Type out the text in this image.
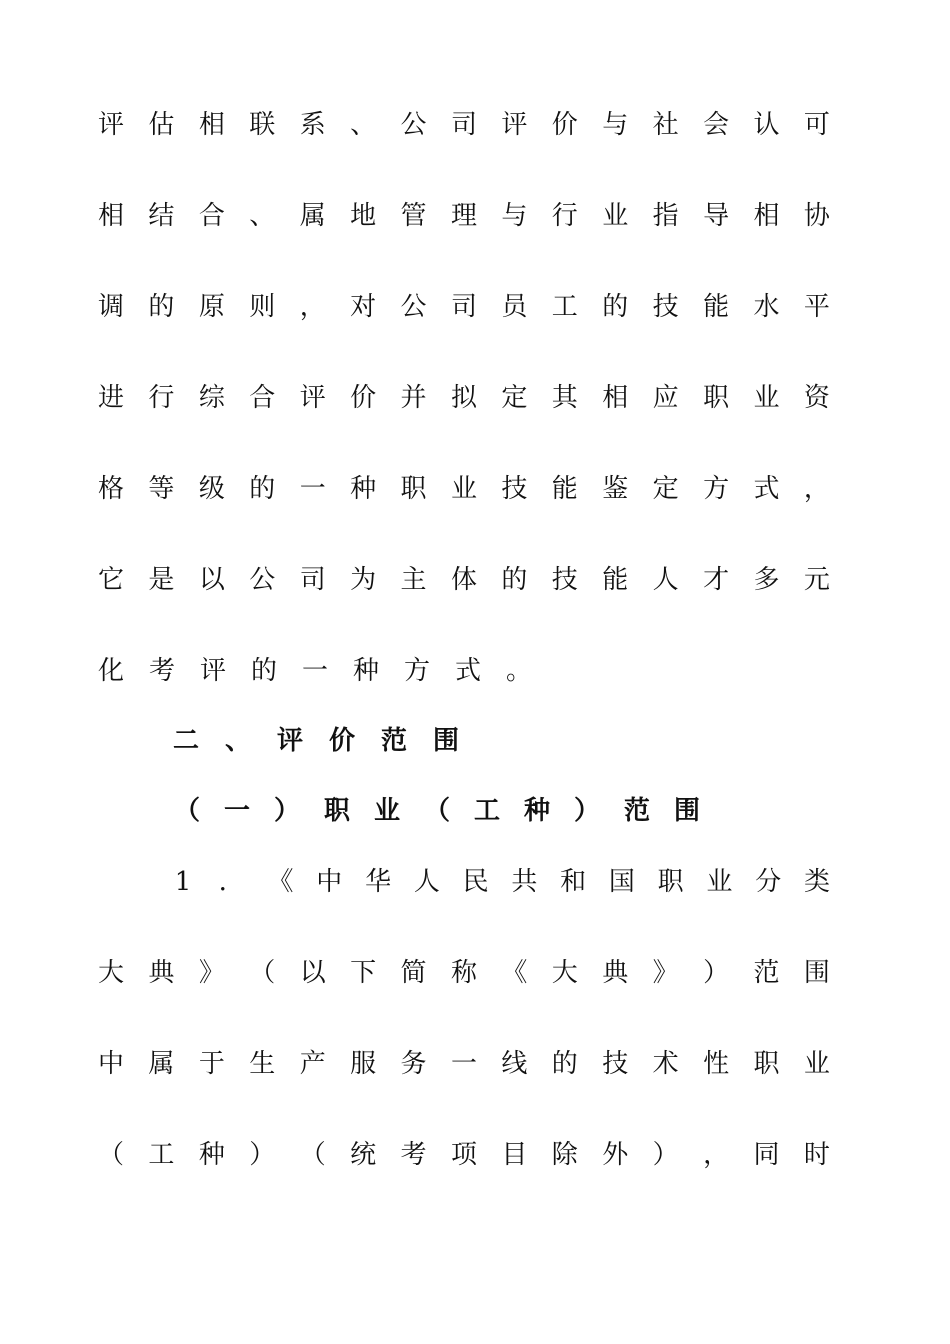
评 估 相 联 系 、 公 司 评 价 与 社 会 认 可
相 结 合 、 属 地 管 理 与 行 业 指 导 相 协
调 的 原 则 ， 对 公 司 员 工 的 技 能 水 平
进 行 综 合 评 价 并 拟 定 其 相 应 职 业 资
格 等 级 的 一 种 职 业 技 能 鉴 定 方 式 ，
它 是 以 公 司 为 主 体 的 技 能 人 才 多 元
化 考 评 的 一 种 方 式 。
二 、 评 价 范 围
（ 一 ） 职 业 （ 工 种 ） 范 围
1 ． 《 中 华 人 民 共 和 国 职 业 分 类
大 典 》 （ 以 下 简 称 《 大 典 》 ） 范 围
中 属 于 生 产 服 务 一 线 的 技 术 性 职 业
（ 工 种 ） （ 统 考 项 目 除 外 ） ， 同 时
